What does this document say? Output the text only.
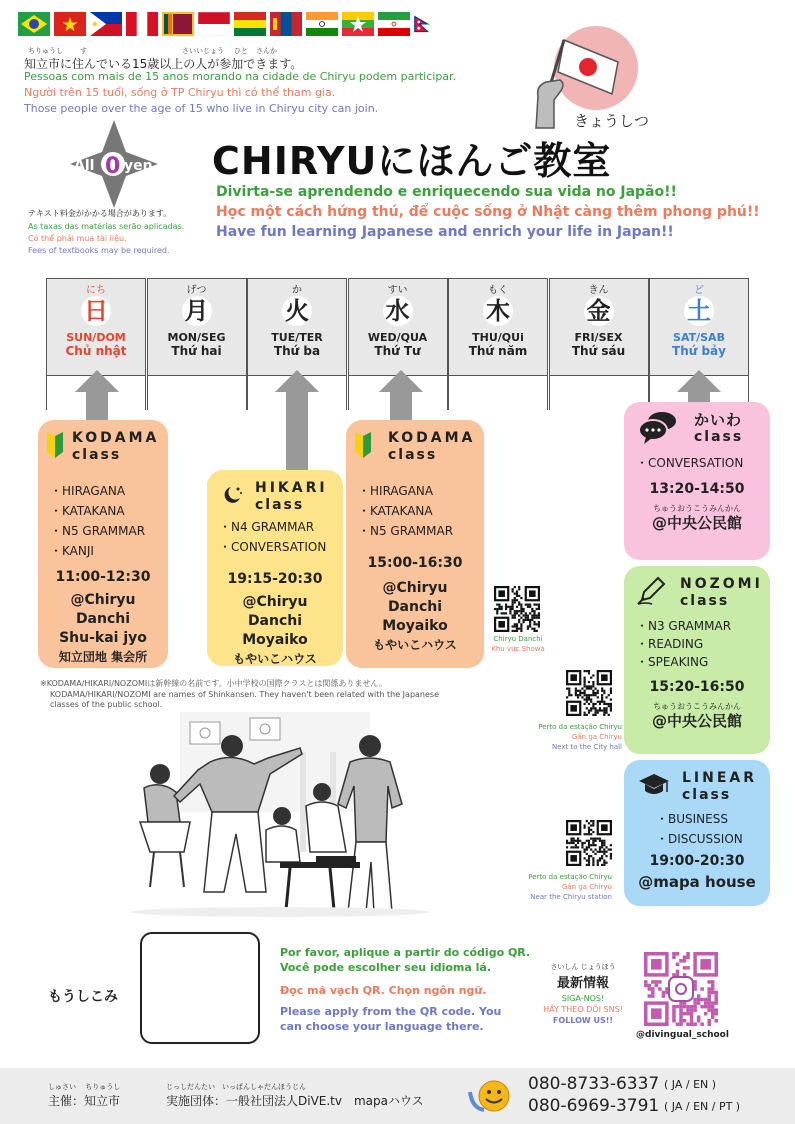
ちりゅうし す	さいいじょう ひと さんか
知立市に住んでいる15歳以上の人が参加できます。
Pessoas com mais de 15 anos morando na cidade de Chiryu podem participar.
Người trên 15 tuổi, sống ở TP Chiryu thì có thể tham gia.
Those people over the age of 15 who live in Chiryu city can join.
All 0 yen
テキスト料金がかかる場合があります。
As taxas das matérias serão aplicadas.
Có thể phải mua tài liệu.
Fees of textbooks may be required.
きょうしつ
CHIRYUにほんご教室
Divirta-se aprendendo e enriquecendo sua vida no Japão!!
Học một cách hứng thú, để cuộc sống ở Nhật càng thêm phong phú!!
Have fun learning Japanese and enrich your life in Japan!!
にち
日
SUN/DOM
Chủ nhật
げつ
月
MON/SEG
Thứ hai
か
火
TUE/TER
Thứ ba
すい
水
WED/QUA
Thứ Tư
もく
木
THU/QUi
Thứ năm
きん
金
FRI/SEX
Thứ sáu
ど
土
SAT/SAB
Thứ bảy
KODAMA
class
・HIRAGANA
・KATAKANA
・N5 GRAMMAR
・KANJI
11:00-12:30
@Chiryu Danchi
Shu-kai jyo
知立団地 集会所
HIKARI
class
・N4 GRAMMAR
・CONVERSATION
19:15-20:30
@Chiryu Danchi
Moyaiko
もやいこハウス
KODAMA
class
・HIRAGANA
・KATAKANA
・N5 GRAMMAR
15:00-16:30
@Chiryu Danchi
Moyaiko
もやいこハウス
かいわ
class
・CONVERSATION
13:20-14:50
ちゅうおうこうみんかん
@中央公民館
NOZOMI
class
・N3 GRAMMAR
・READING
・SPEAKING
15:20-16:50
ちゅうおうこうみんかん
@中央公民館
LINEAR
class
・BUSINESS
・DISCUSSION
19:00-20:30
@mapa house
Chiryu Danchi
Khu vực Showa
Perto da estação Chiryu
Gần ga Chiryu
Next to the City hall
Perto da estação Chiryu
Gần ga Chiryu
Near the Chiryu station
※KODAMA/HIKARI/NOZOMIは新幹線の名前です。小中学校の国際クラスとは関係ありません。
KODAMA/HIKARI/NOZOMI are names of Shinkansen. They haven't been related with the Japanese
classes of the public school.
もうしこみ
Por favor, aplique a partir do código QR.
Você pode escolher seu idioma lá.
Đọc mã vạch QR. Chọn ngôn ngữ.
Please apply from the QR code. You
can choose your language there.
さいしん じょうほう
最新情報
SIGA-NOS!
HÃY THEO DÕI SNS!
FOLLOW US!!
@divingual_school
しゅさい　 ちりゅうし
主催：知立市
じっしだんたい　いっぱんしゃだんほうじん
実施団体：一般社団法人DiVE.tv　mapaハウス
080-8733-6337 ( JA / EN )
080-6969-3791 ( JA / EN / PT )
